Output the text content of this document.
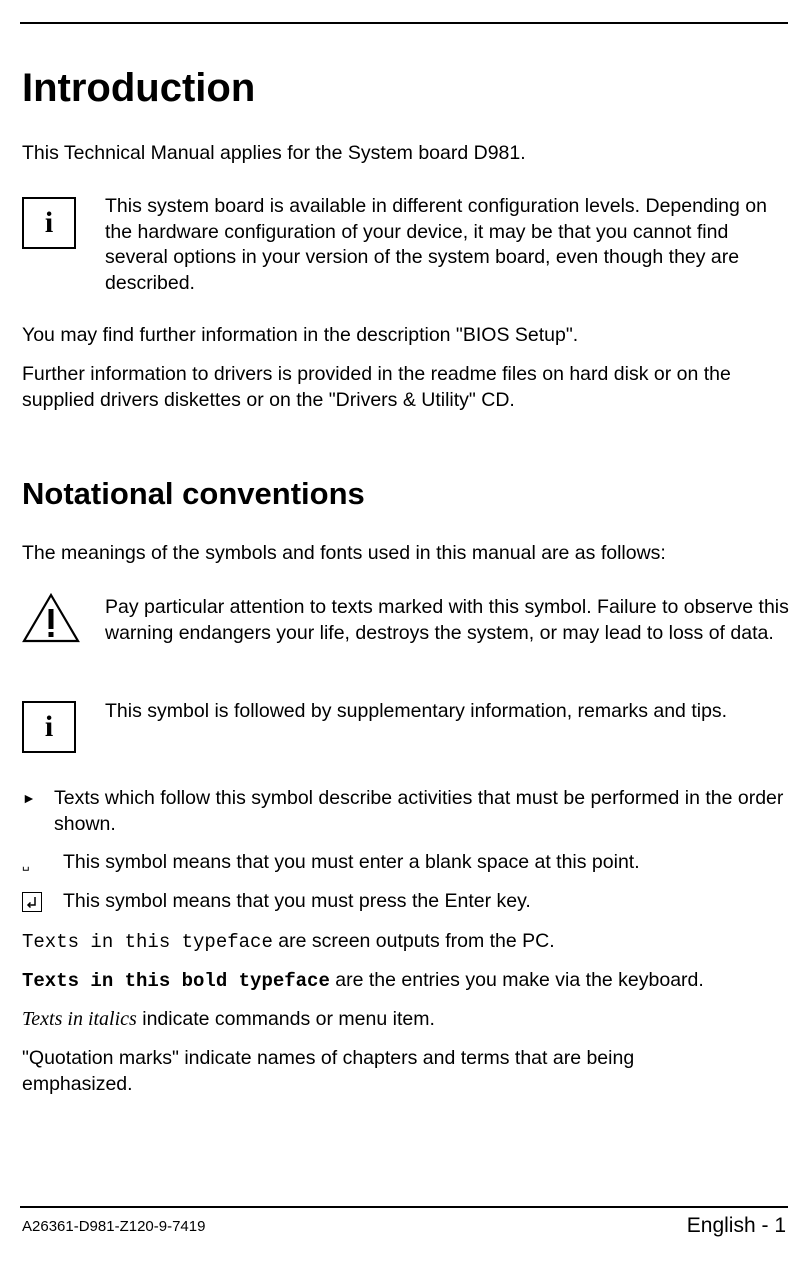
Introduction

This Technical Manual applies for the System board D981.

i	This system board is available in different configuration levels. Depending on the hardware configuration of your device, it may be that you cannot find several options in your version of the system board, even though they are described.

You may find further information in the description "BIOS Setup".

Further information to drivers is provided in the readme files on hard disk or on the supplied drivers diskettes or on the "Drivers & Utility" CD.

Notational conventions

The meanings of the symbols and fonts used in this manual are as follows:

Pay particular attention to texts marked with this symbol. Failure to observe this warning endangers your life, destroys the system, or may lead to loss of data.

i	This symbol is followed by supplementary information, remarks and tips.

► Texts which follow this symbol describe activities that must be performed in the order shown.

␣ This symbol means that you must enter a blank space at this point.

This symbol means that you must press the Enter key.

Texts in this typeface are screen outputs from the PC.

Texts in this bold typeface are the entries you make via the keyboard.

Texts in italics indicate commands or menu item.

"Quotation marks" indicate names of chapters and terms that are being emphasized.

A26361-D981-Z120-9-7419	English - 1
